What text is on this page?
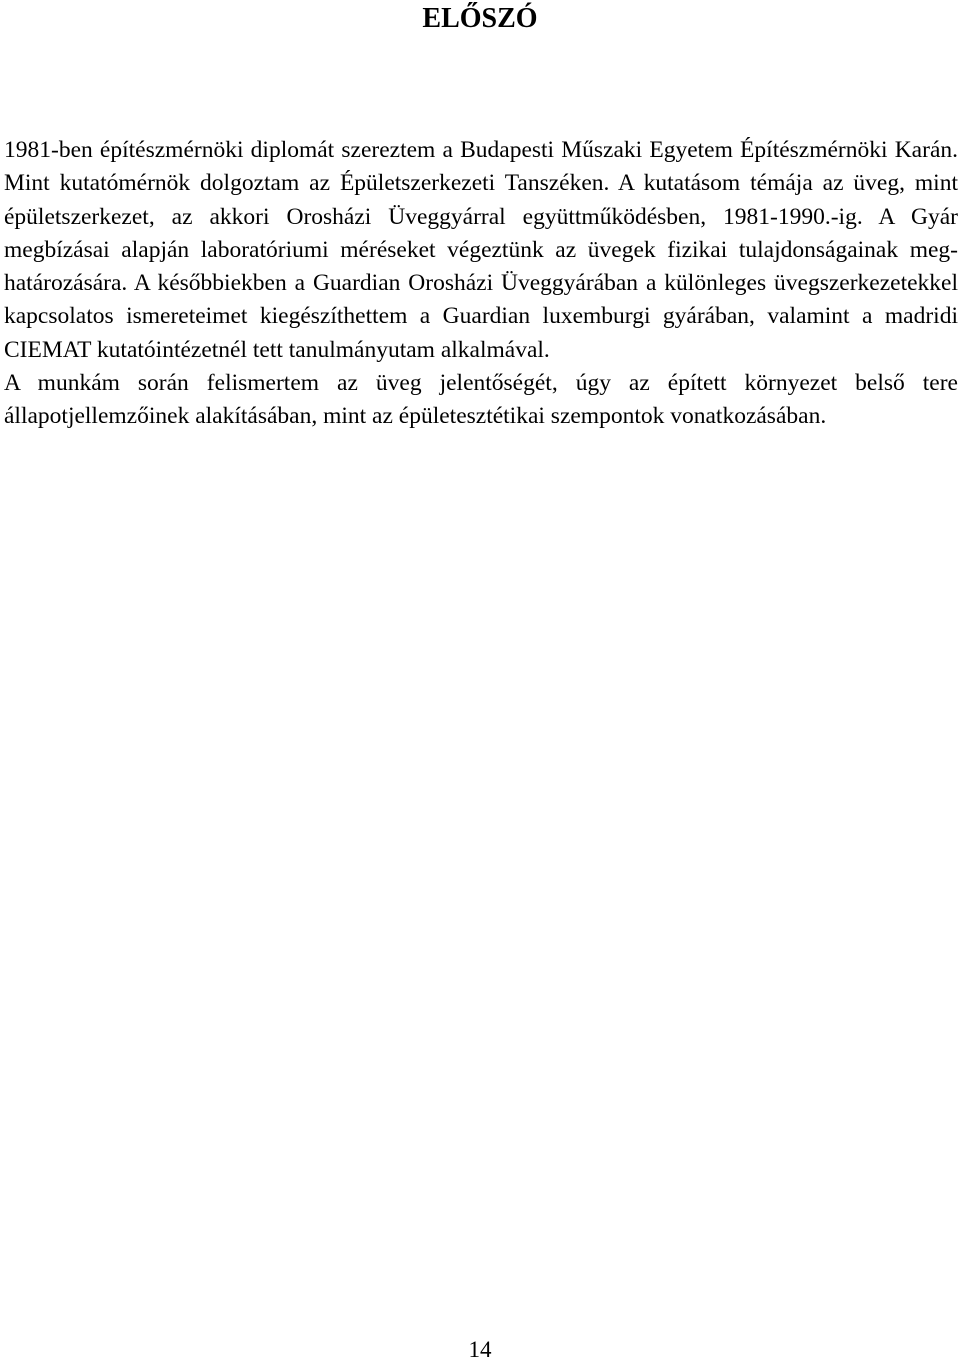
ELŐSZÓ

1981-ben építészmérnöki diplomát szereztem a Budapesti Műszaki Egyetem Építészmérnöki Karán. Mint kutatómérnök dolgoztam az Épületszerkezeti Tanszéken. A kutatásom témája az üveg, mint épületszerkezet, az akkori Orosházi Üveggyárral együttműködésben, 1981-1990.-ig. A Gyár megbízásai alapján laboratóriumi méréseket végeztünk az üvegek fizikai tulajdonságainak meg-határozására. A későbbiekben a Guardian Orosházi Üveggyárában a különleges üvegszerkezetekkel kapcsolatos ismereteimet kiegészíthettem a Guardian luxemburgi gyárában, valamint a madridi CIEMAT kutatóintézetnél tett tanulmányutam alkalmával.

A munkám során felismertem az üveg jelentőségét, úgy az épített környezet belső tere állapotjellemzőinek alakításában, mint az épületesztétikai szempontok vonatkozásában.

14
